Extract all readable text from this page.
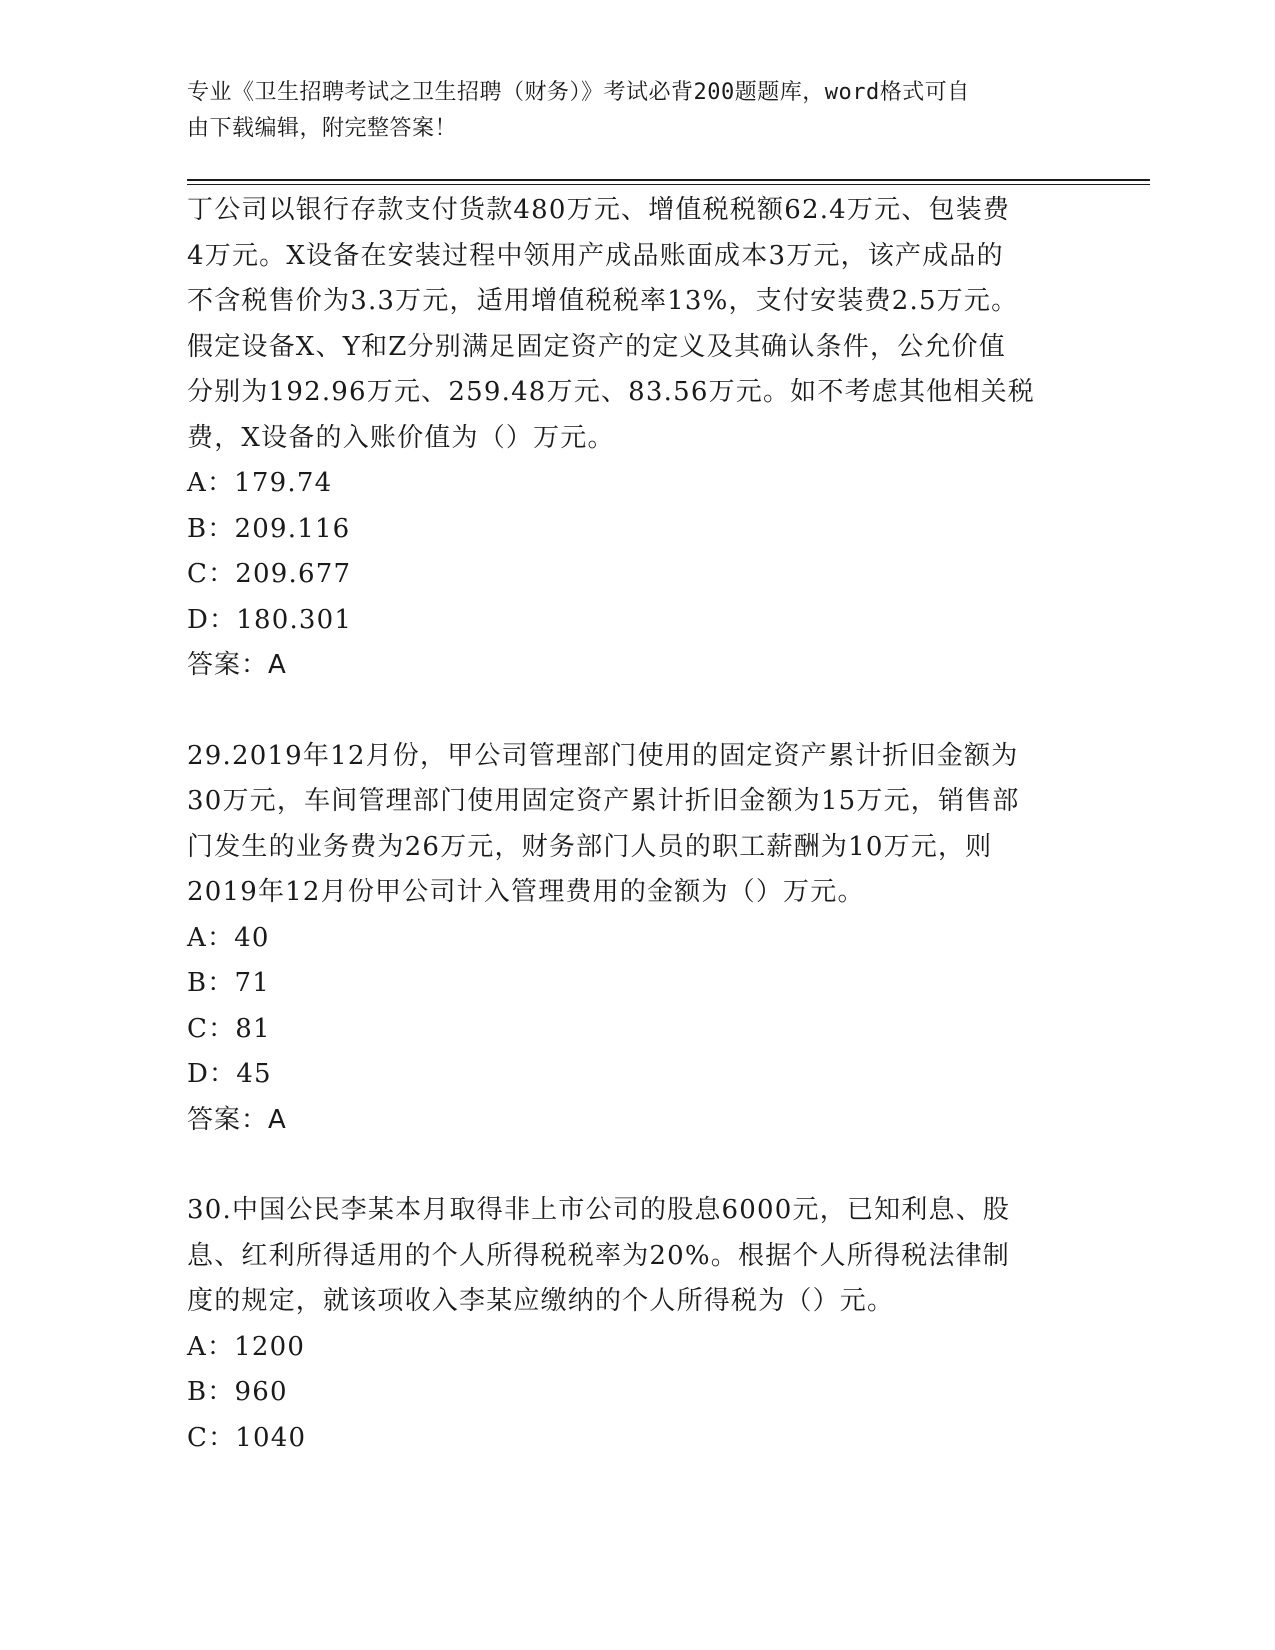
专业《卫生招聘考试之卫生招聘（财务）》考试必背200题题库，word格式可自
由下载编辑，附完整答案！

丁公司以银行存款支付货款480万元、增值税税额62.4万元、包装费

4万元。X设备在安装过程中领用产成品账面成本3万元，该产成品的

不含税售价为3.3万元，适用增值税税率13%，支付安装费2.5万元。

假定设备X、Y和Z分别满足固定资产的定义及其确认条件，公允价值

分别为192.96万元、259.48万元、83.56万元。如不考虑其他相关税

费，X设备的入账价值为（）万元。

A：179.74

B：209.116

C：209.677

D：180.301

答案：A

29.2019年12月份，甲公司管理部门使用的固定资产累计折旧金额为

30万元，车间管理部门使用固定资产累计折旧金额为15万元，销售部

门发生的业务费为26万元，财务部门人员的职工薪酬为10万元，则

2019年12月份甲公司计入管理费用的金额为（）万元。

A：40

B：71

C：81

D：45

答案：A

30.中国公民李某本月取得非上市公司的股息6000元，已知利息、股

息、红利所得适用的个人所得税税率为20%。根据个人所得税法律制

度的规定，就该项收入李某应缴纳的个人所得税为（）元。

A：1200

B：960

C：1040
